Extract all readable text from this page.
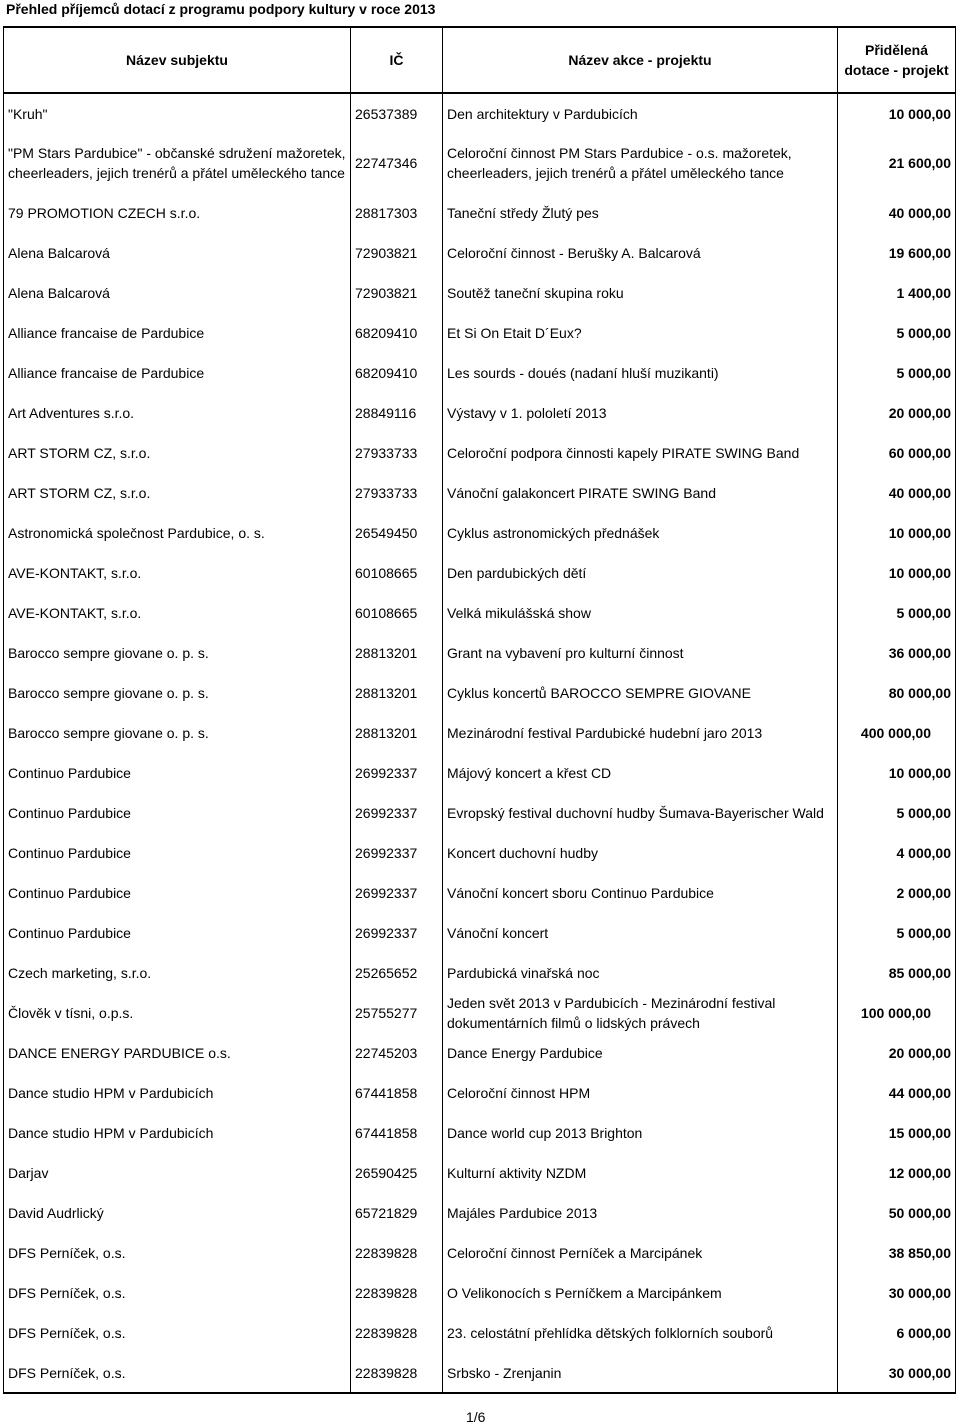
Přehled příjemců dotací z programu podpory kultury v roce 2013
Název subjektu	IČ	Název akce - projektu	Přidělená dotace - projekt
"Kruh"	26537389	Den architektury v Pardubicích	10 000,00
"PM Stars Pardubice" - občanské sdružení mažoretek, cheerleaders, jejich trenérů a přátel uměleckého tance	22747346	Celoroční činnost PM Stars Pardubice - o.s. mažoretek, cheerleaders, jejich trenérů a přátel uměleckého tance	21 600,00
79 PROMOTION CZECH s.r.o.	28817303	Taneční středy Žlutý pes	40 000,00
Alena Balcarová	72903821	Celoroční činnost - Berušky A. Balcarová	19 600,00
Alena Balcarová	72903821	Soutěž taneční skupina roku	1 400,00
Alliance francaise de Pardubice	68209410	Et Si On Etait D´Eux?	5 000,00
Alliance francaise de Pardubice	68209410	Les sourds - doués (nadaní hluší muzikanti)	5 000,00
Art Adventures s.r.o.	28849116	Výstavy v 1. pololetí 2013	20 000,00
ART STORM CZ, s.r.o.	27933733	Celoroční podpora činnosti kapely PIRATE SWING Band	60 000,00
ART STORM CZ, s.r.o.	27933733	Vánoční galakoncert PIRATE SWING Band	40 000,00
Astronomická společnost Pardubice, o. s.	26549450	Cyklus astronomických přednášek	10 000,00
AVE-KONTAKT, s.r.o.	60108665	Den pardubických dětí	10 000,00
AVE-KONTAKT, s.r.o.	60108665	Velká mikulášská show	5 000,00
Barocco sempre giovane o. p. s.	28813201	Grant na vybavení pro kulturní činnost	36 000,00
Barocco sempre giovane o. p. s.	28813201	Cyklus koncertů BAROCCO SEMPRE GIOVANE	80 000,00
Barocco sempre giovane o. p. s.	28813201	Mezinárodní festival Pardubické hudební jaro 2013	400 000,00
Continuo Pardubice	26992337	Májový koncert a křest CD	10 000,00
Continuo Pardubice	26992337	Evropský festival duchovní hudby Šumava-Bayerischer Wald	5 000,00
Continuo Pardubice	26992337	Koncert duchovní hudby	4 000,00
Continuo Pardubice	26992337	Vánoční koncert sboru Continuo Pardubice	2 000,00
Continuo Pardubice	26992337	Vánoční koncert	5 000,00
Czech marketing, s.r.o.	25265652	Pardubická vinařská noc	85 000,00
Člověk v tísni, o.p.s.	25755277	Jeden svět 2013 v Pardubicích - Mezinárodní festival dokumentárních filmů o lidských právech	100 000,00
DANCE ENERGY PARDUBICE o.s.	22745203	Dance Energy Pardubice	20 000,00
Dance studio HPM v Pardubicích	67441858	Celoroční činnost HPM	44 000,00
Dance studio HPM v Pardubicích	67441858	Dance world cup 2013 Brighton	15 000,00
Darjav	26590425	Kulturní aktivity NZDM	12 000,00
David Audrlický	65721829	Majáles Pardubice 2013	50 000,00
DFS Perníček, o.s.	22839828	Celoroční činnost Perníček a Marcipánek	38 850,00
DFS Perníček, o.s.	22839828	O Velikonocích s Perníčkem a Marcipánkem	30 000,00
DFS Perníček, o.s.	22839828	23. celostátní přehlídka dětských folklorních souborů	6 000,00
DFS Perníček, o.s.	22839828	Srbsko - Zrenjanin	30 000,00
1/6
